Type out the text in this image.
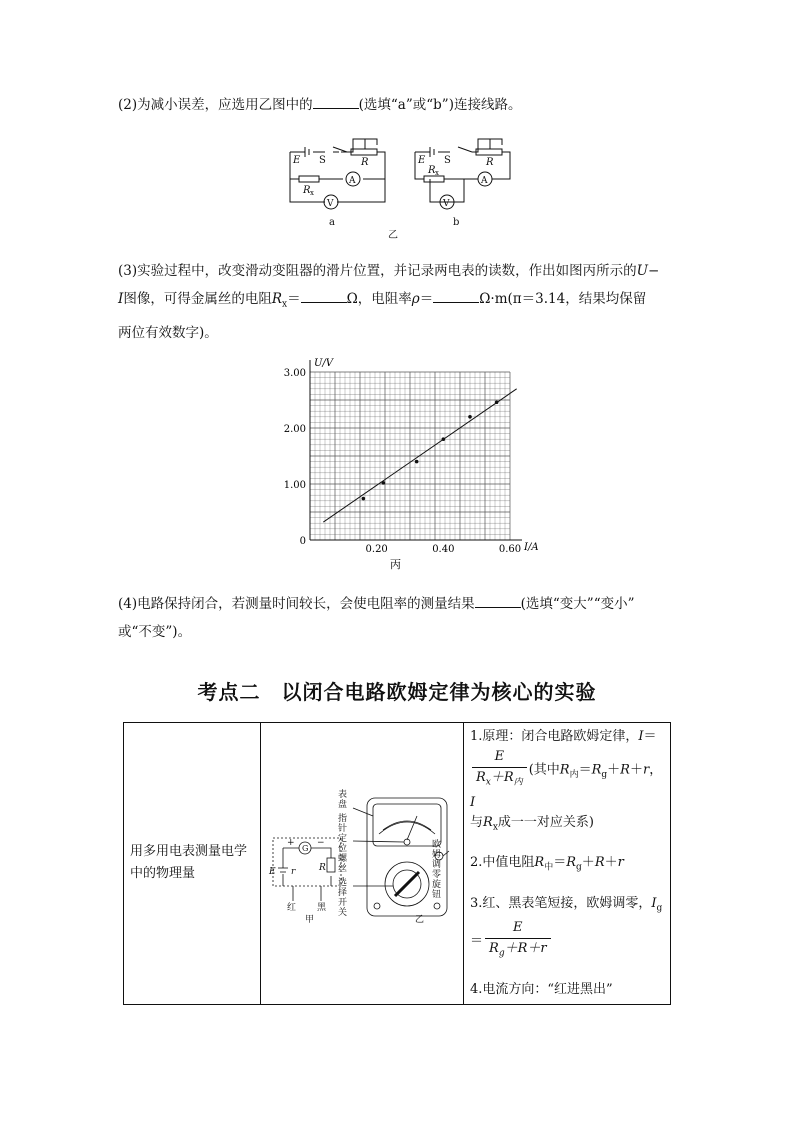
(2)为减小误差，应选用乙图中的	(选填“a”或“b”)连接线路。
E S	R
R x
A
V
a
E S	R
R x
A
V
b
乙
(3)实验过程中，改变滑动变阻器的滑片位置，并记录两电表的读数，作出如图丙所示的U−
I图像，可得金属丝的电阻$R_x=$	Ω，电阻率ρ＝	Ω·m(π＝3.14，结果均保留
两位有效数字)。
0
1.00
2.00
3.00
0.20	0.40	0.60
U/V
I/A
丙
(4)电路保持闭合，若测量时间较长，会使电阻率的测量结果	(选填“变大”“变小”
或“不变”)。
考点二　以闭合电路欧姆定律为核心的实验
用多用电表测量电学中的物理量

+
G
−
E r	R
红 黑
甲	乙

1.原理：闭合电路欧姆定律，I＝

$\frac{E}{R_x+R_内}$ (其中$R_内=R_g+R+r$，I
与$R_x$成一一对应关系)
2.中值电阻$R_中=R_g+R+r$
3.红、黑表笔短接，欧姆调零，$I_g$
＝ $\frac{E}{R_g+R+r}$
4.电流方向：“红进黑出”
表盘
指针定位螺丝
选择开关
欧姆调零旋钮
